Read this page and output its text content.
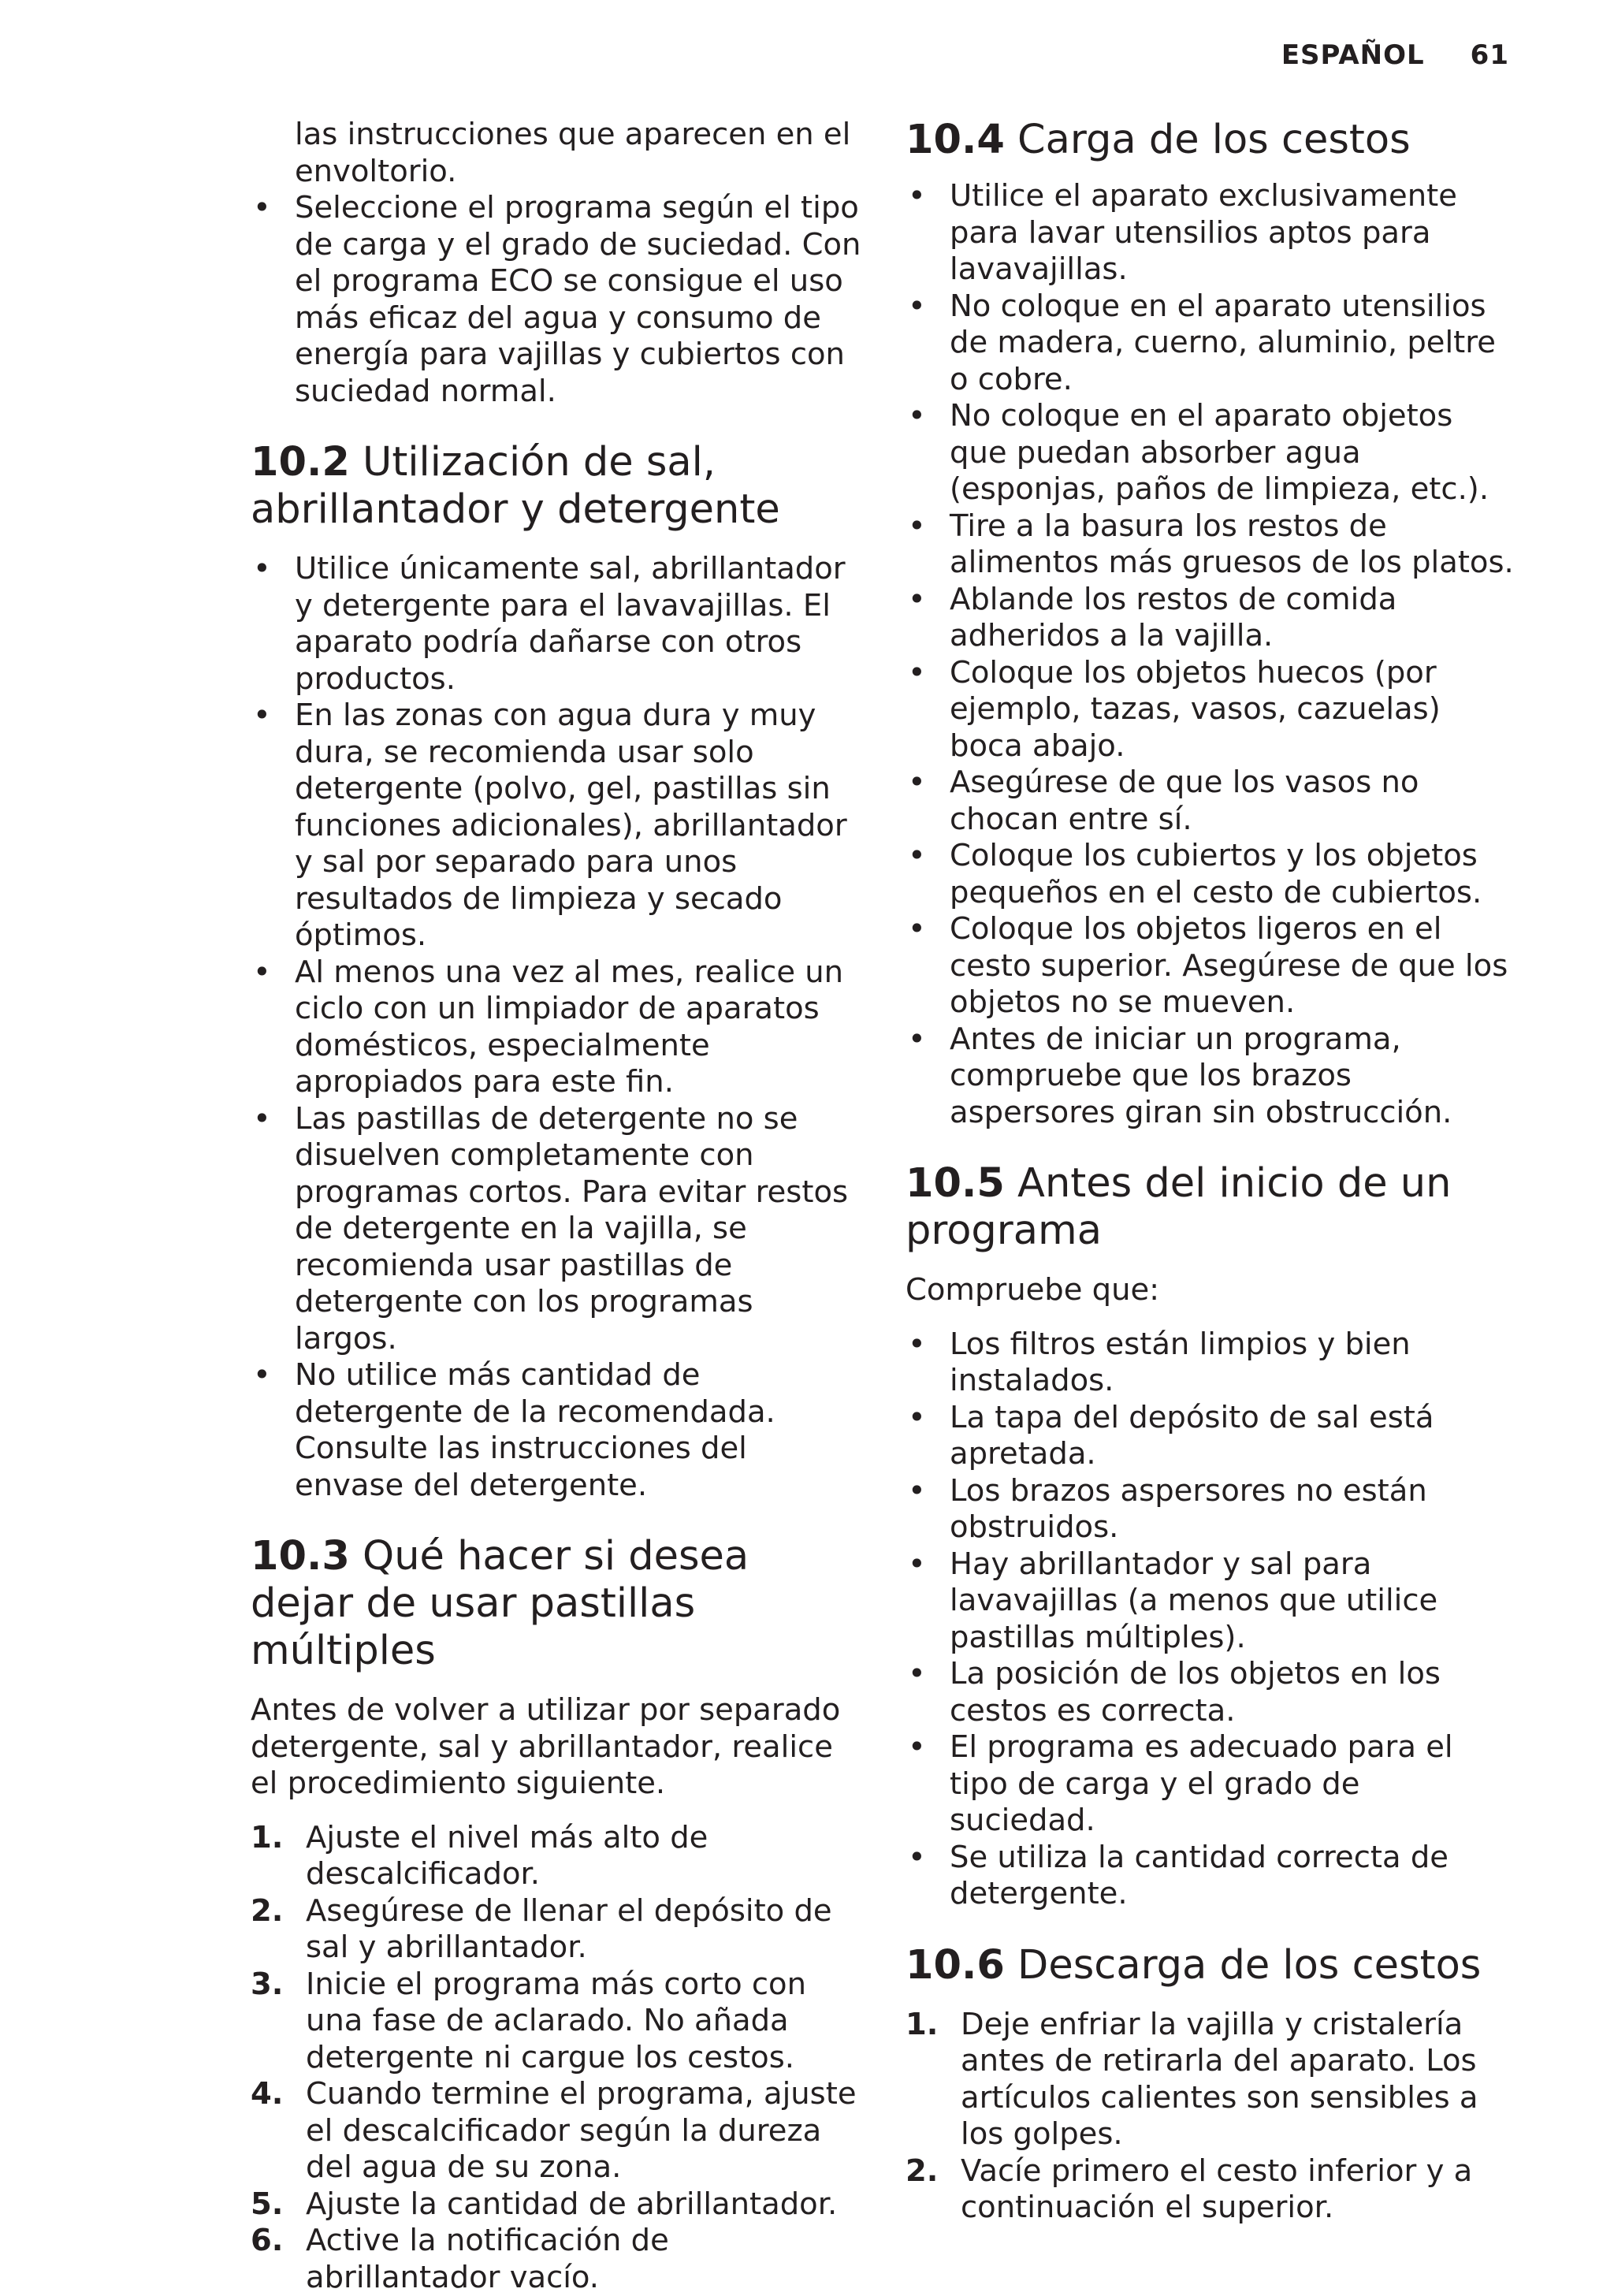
ESPAÑOL 61

las instrucciones que aparecen en el envoltorio.

• Seleccione el programa según el tipo de carga y el grado de suciedad. Con el programa ECO se consigue el uso más eficaz del agua y consumo de energía para vajillas y cubiertos con suciedad normal.
10.2 Utilización de sal, abrillantador y detergente
• Utilice únicamente sal, abrillantador y detergente para el lavavajillas. El aparato podría dañarse con otros productos.
• En las zonas con agua dura y muy dura, se recomienda usar solo detergente (polvo, gel, pastillas sin funciones adicionales), abrillantador y sal por separado para unos resultados de limpieza y secado óptimos.
• Al menos una vez al mes, realice un ciclo con un limpiador de aparatos domésticos, especialmente apropiados para este fin.
• Las pastillas de detergente no se disuelven completamente con programas cortos. Para evitar restos de detergente en la vajilla, se recomienda usar pastillas de detergente con los programas largos.
• No utilice más cantidad de detergente de la recomendada. Consulte las instrucciones del envase del detergente.
10.3 Qué hacer si desea dejar de usar pastillas múltiples

Antes de volver a utilizar por separado detergente, sal y abrillantador, realice el procedimiento siguiente.

1. Ajuste el nivel más alto de descalcificador.
2. Asegúrese de llenar el depósito de sal y abrillantador.
3. Inicie el programa más corto con una fase de aclarado. No añada detergente ni cargue los cestos.
4. Cuando termine el programa, ajuste el descalcificador según la dureza del agua de su zona.
5. Ajuste la cantidad de abrillantador.
6. Active la notificación de abrillantador vacío.
10.4 Carga de los cestos
• Utilice el aparato exclusivamente para lavar utensilios aptos para lavavajillas.
• No coloque en el aparato utensilios de madera, cuerno, aluminio, peltre o cobre.
• No coloque en el aparato objetos que puedan absorber agua (esponjas, paños de limpieza, etc.).
• Tire a la basura los restos de alimentos más gruesos de los platos.
• Ablande los restos de comida adheridos a la vajilla.
• Coloque los objetos huecos (por ejemplo, tazas, vasos, cazuelas) boca abajo.
• Asegúrese de que los vasos no chocan entre sí.
• Coloque los cubiertos y los objetos pequeños en el cesto de cubiertos.
• Coloque los objetos ligeros en el cesto superior. Asegúrese de que los objetos no se mueven.
• Antes de iniciar un programa, compruebe que los brazos aspersores giran sin obstrucción.
10.5 Antes del inicio de un programa

Compruebe que:

• Los filtros están limpios y bien instalados.
• La tapa del depósito de sal está apretada.
• Los brazos aspersores no están obstruidos.
• Hay abrillantador y sal para lavavajillas (a menos que utilice pastillas múltiples).
• La posición de los objetos en los cestos es correcta.
• El programa es adecuado para el tipo de carga y el grado de suciedad.
• Se utiliza la cantidad correcta de detergente.
10.6 Descarga de los cestos
1. Deje enfriar la vajilla y cristalería antes de retirarla del aparato. Los artículos calientes son sensibles a los golpes.
2. Vacíe primero el cesto inferior y a continuación el superior.
